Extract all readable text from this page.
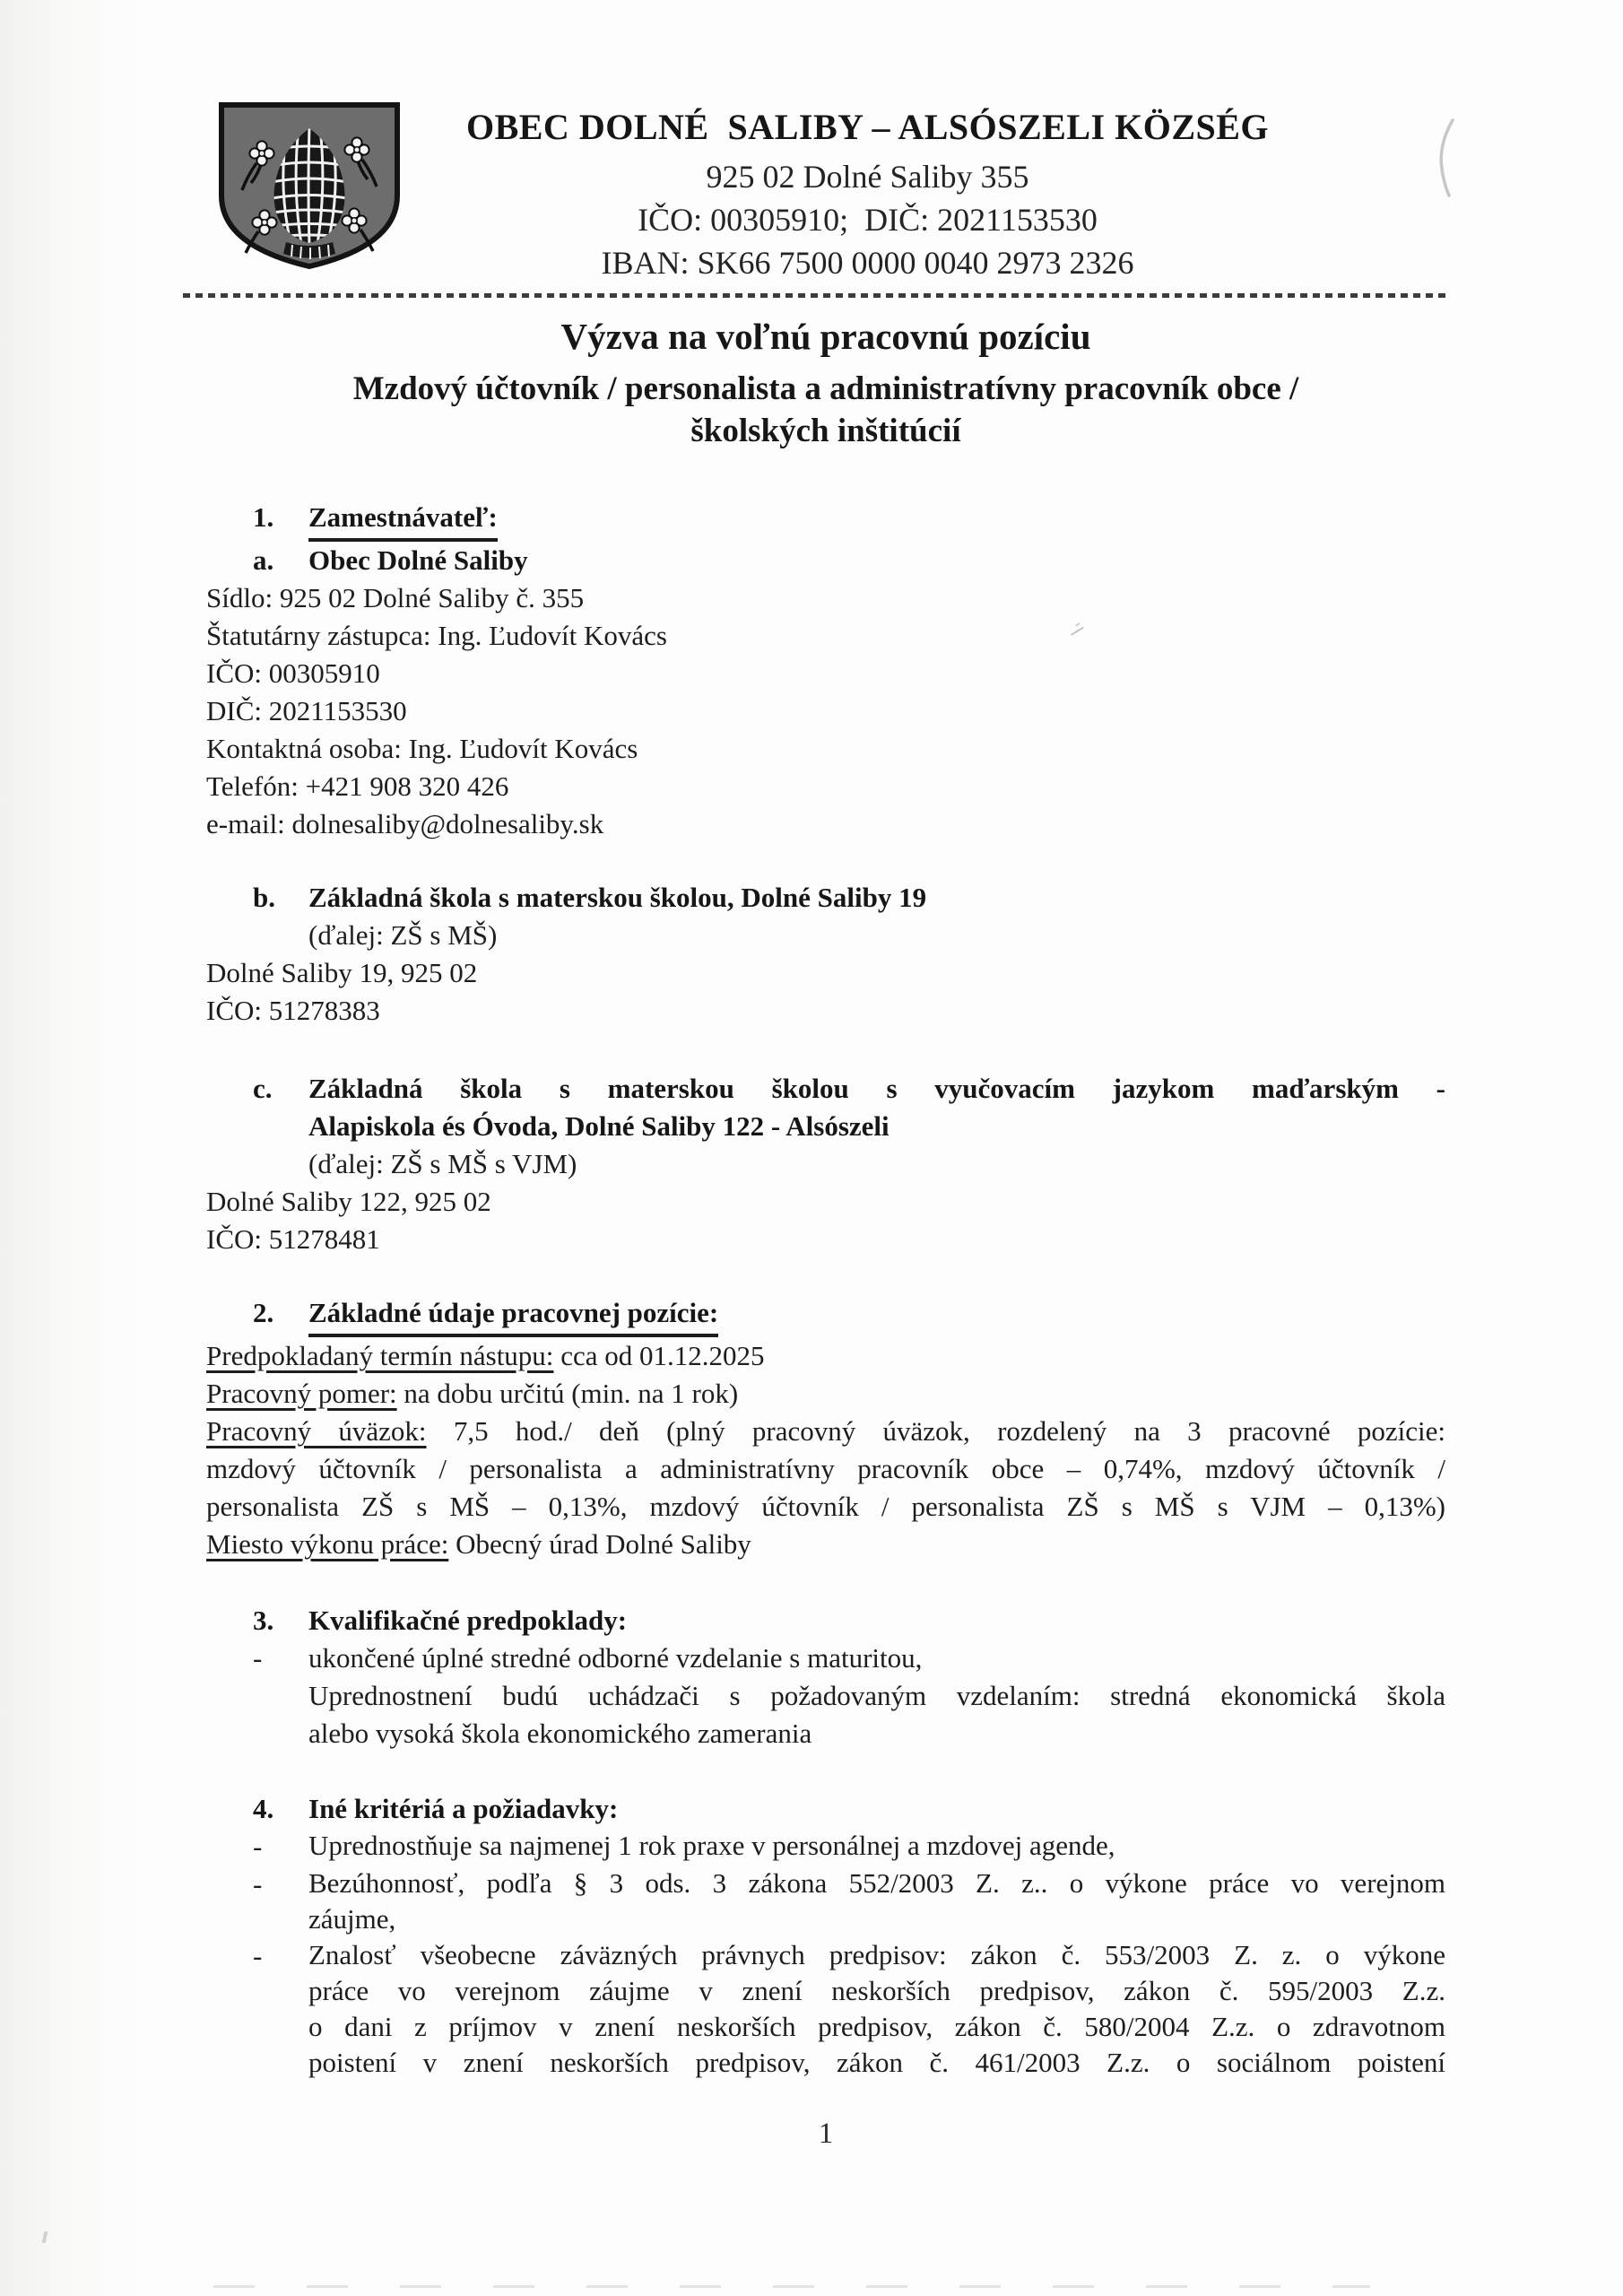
OBEC DOLNÉ  SALIBY – ALSÓSZELI KÖZSÉG
925 02 Dolné Saliby 355
IČO: 00305910;  DIČ: 2021153530
IBAN: SK66 7500 0000 0040 2973 2326
Výzva na voľnú pracovnú pozíciu
Mzdový účtovník / personalista a administratívny pracovník obce /
školských inštitúcií
1.	Zamestnávateľ:
a.	Obec Dolné Saliby
Sídlo: 925 02 Dolné Saliby č. 355
Štatutárny zástupca: Ing. Ľudovít Kovács
IČO: 00305910
DIČ: 2021153530
Kontaktná osoba: Ing. Ľudovít Kovács
Telefón: +421 908 320 426
e-mail: dolnesaliby@dolnesaliby.sk
b.	Základná škola s materskou školou, Dolné Saliby 19
(ďalej: ZŠ s MŠ)
Dolné Saliby 19, 925 02
IČO: 51278383
c.	Základná škola s materskou školou s vyučovacím jazykom maďarským -
Alapiskola és Óvoda, Dolné Saliby 122 - Alsószeli
(ďalej: ZŠ s MŠ s VJM)
Dolné Saliby 122, 925 02
IČO: 51278481
2.	Základné údaje pracovnej pozície:
Predpokladaný termín nástupu: cca od 01.12.2025
Pracovný pomer: na dobu určitú (min. na 1 rok)
Pracovný úväzok: 7,5 hod./ deň (plný pracovný úväzok, rozdelený na 3 pracovné pozície:
mzdový účtovník / personalista a administratívny pracovník obce – 0,74%, mzdový účtovník /
personalista ZŠ s MŠ – 0,13%, mzdový účtovník / personalista ZŠ s MŠ s VJM – 0,13%)
Miesto výkonu práce: Obecný úrad Dolné Saliby
3.	Kvalifikačné predpoklady:
-	ukončené úplné stredné odborné vzdelanie s maturitou,
Uprednostnení budú uchádzači s požadovaným vzdelaním: stredná ekonomická škola
alebo vysoká škola ekonomického zamerania
4.	Iné kritériá a požiadavky:
-	Uprednostňuje sa najmenej 1 rok praxe v personálnej a mzdovej agende,
-	Bezúhonnosť, podľa § 3 ods. 3 zákona 552/2003 Z. z.. o výkone práce vo verejnom
záujme,
-	Znalosť všeobecne záväzných právnych predpisov: zákon č. 553/2003 Z. z. o výkone
práce vo verejnom záujme v znení neskorších predpisov, zákon č. 595/2003 Z.z.
o dani z príjmov v znení neskorších predpisov, zákon č. 580/2004 Z.z. o zdravotnom
poistení v znení neskorších predpisov, zákon č. 461/2003 Z.z. o sociálnom poistení
1
